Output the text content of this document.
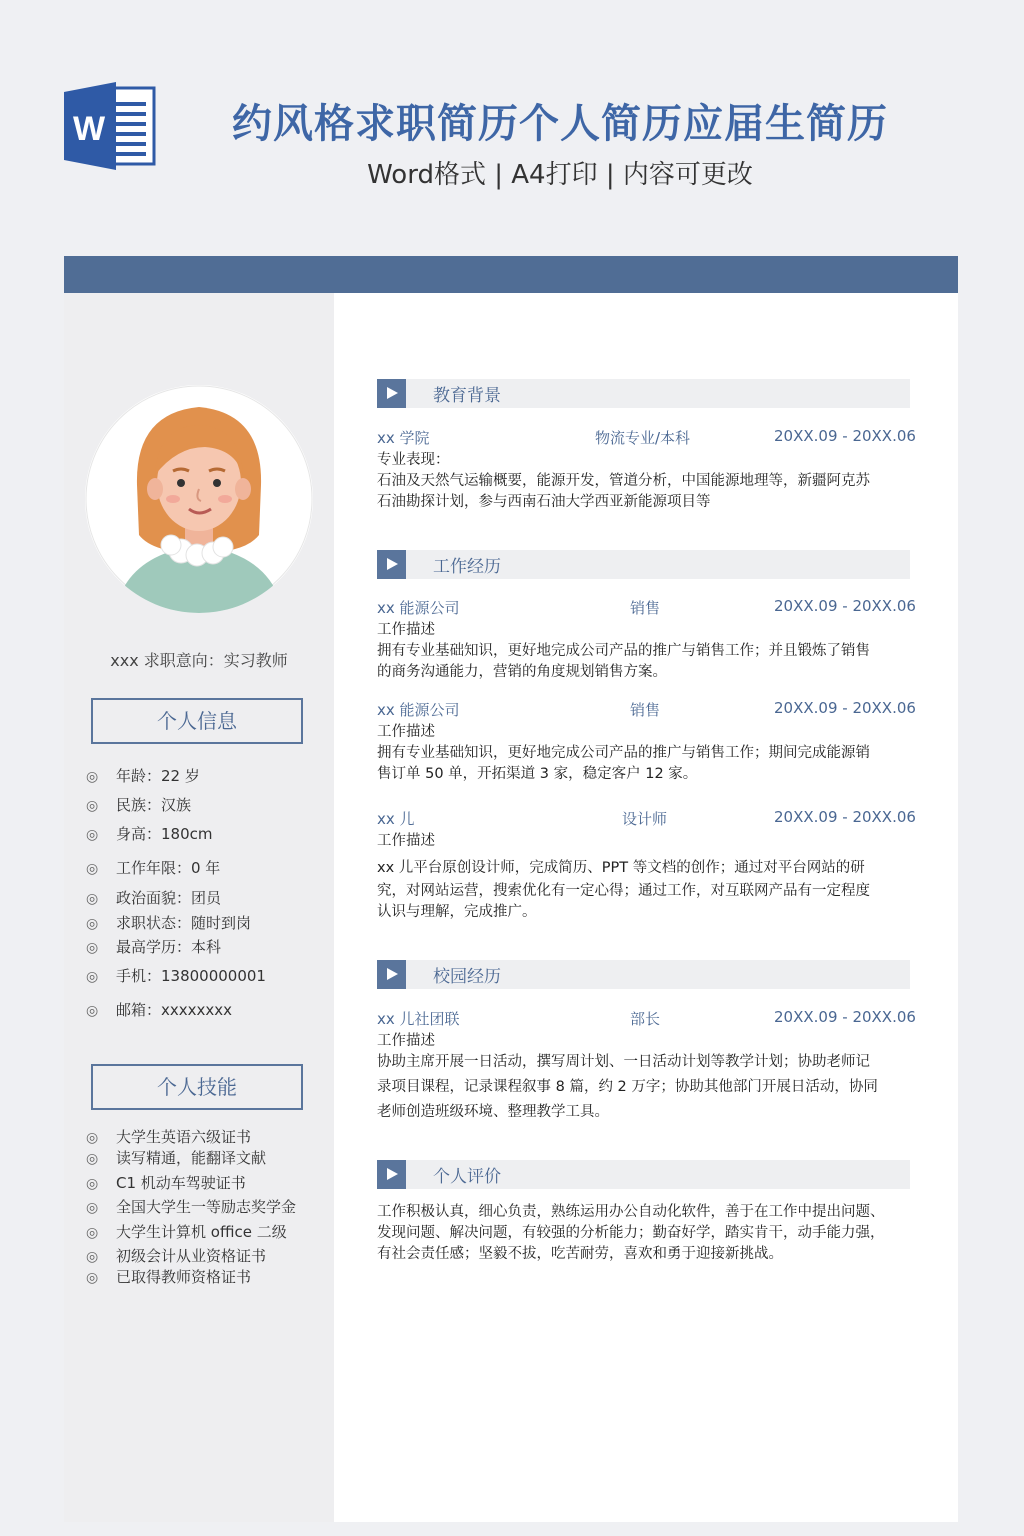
W	约风格求职简历个人简历应届生简历
Word格式 | A4打印 | 内容可更改
xxx 求职意向：实习教师
个人信息
◎ 年龄：22 岁
◎ 民族：汉族
◎ 身高：180cm
◎ 工作年限：0 年
◎ 政治面貌：团员
◎ 求职状态：随时到岗
◎ 最高学历：本科
◎ 手机：13800000001
◎ 邮箱：xxxxxxxx
个人技能
◎ 大学生英语六级证书
◎ 读写精通，能翻译文献
◎ C1 机动车驾驶证书
◎ 全国大学生一等励志奖学金
◎ 大学生计算机 office 二级
◎ 初级会计从业资格证书
◎ 已取得教师资格证书
教育背景
xx 学院	物流专业/本科	20XX.09 - 20XX.06
专业表现：
石油及天然气运输概要，能源开发，管道分析，中国能源地理等，新疆阿克苏
石油勘探计划，参与西南石油大学西亚新能源项目等
工作经历
xx 能源公司	销售	20XX.09 - 20XX.06
工作描述
拥有专业基础知识，更好地完成公司产品的推广与销售工作；并且锻炼了销售
的商务沟通能力，营销的角度规划销售方案。
xx 能源公司	销售	20XX.09 - 20XX.06
工作描述
拥有专业基础知识，更好地完成公司产品的推广与销售工作；期间完成能源销
售订单 50 单，开拓渠道 3 家，稳定客户 12 家。
xx 儿	设计师	20XX.09 - 20XX.06
工作描述
xx 儿平台原创设计师，完成简历、PPT 等文档的创作；通过对平台网站的研
究，对网站运营，搜索优化有一定心得；通过工作，对互联网产品有一定程度
认识与理解，完成推广。
校园经历
xx 儿社团联	部长	20XX.09 - 20XX.06
工作描述
协助主席开展一日活动，撰写周计划、一日活动计划等教学计划；协助老师记
录项目课程，记录课程叙事 8 篇，约 2 万字；协助其他部门开展日活动，协同
老师创造班级环境、整理教学工具。
个人评价
工作积极认真，细心负责，熟练运用办公自动化软件，善于在工作中提出问题、
发现问题、解决问题，有较强的分析能力；勤奋好学，踏实肯干，动手能力强，
有社会责任感；坚毅不拔，吃苦耐劳，喜欢和勇于迎接新挑战。
